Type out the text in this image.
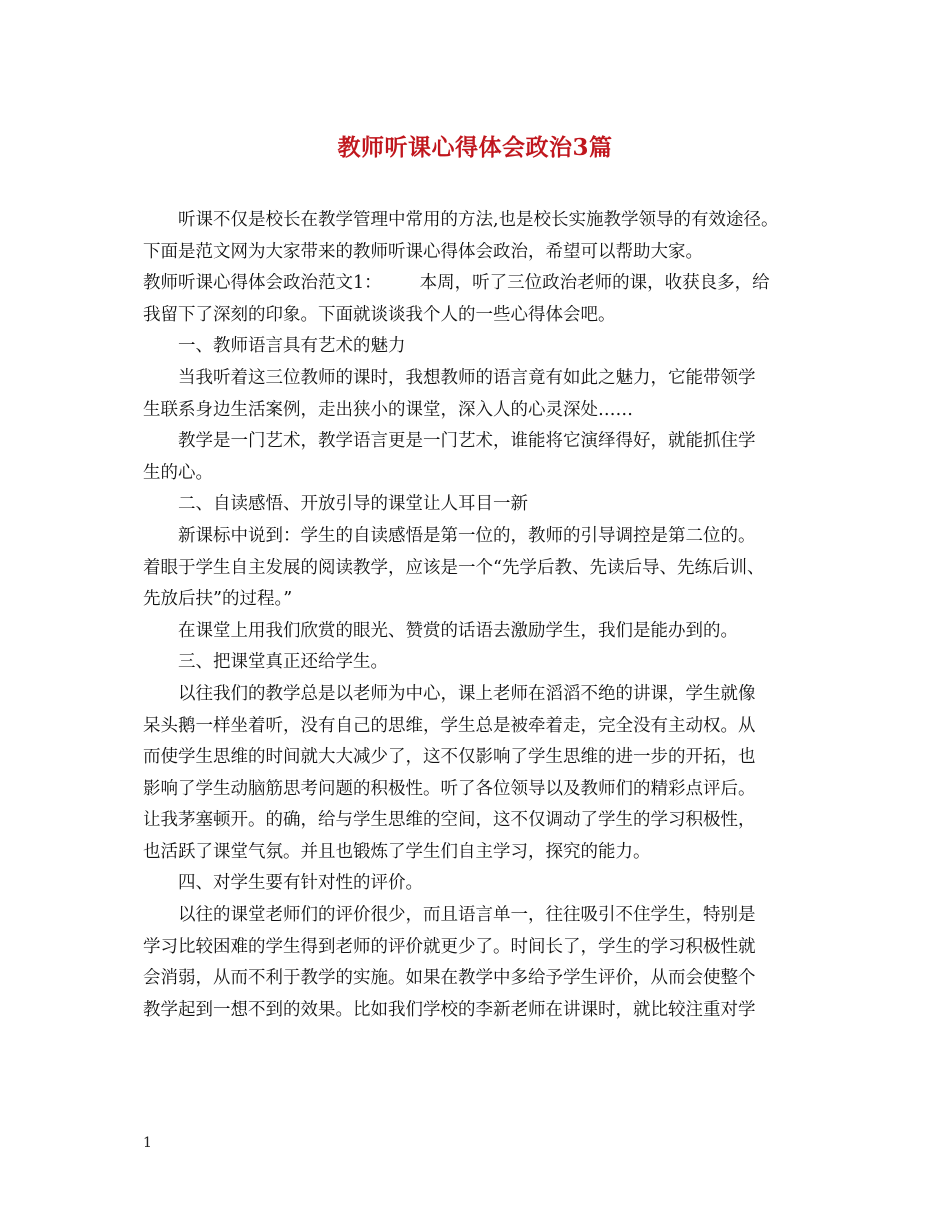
教师听课心得体会政治3篇
听课不仅是校长在教学管理中常用的方法,也是校长实施教学领导的有效途径。
下面是范文网为大家带来的教师听课心得体会政治，希望可以帮助大家。
教师听课心得体会政治范文1： 本周，听了三位政治老师的课，收获良多，给
我留下了深刻的印象。下面就谈谈我个人的一些心得体会吧。
一、教师语言具有艺术的魅力
当我听着这三位教师的课时，我想教师的语言竟有如此之魅力，它能带领学
生联系身边生活案例，走出狭小的课堂，深入人的心灵深处……
教学是一门艺术，教学语言更是一门艺术，谁能将它演绎得好，就能抓住学
生的心。
二、自读感悟、开放引导的课堂让人耳目一新
新课标中说到：学生的自读感悟是第一位的，教师的引导调控是第二位的。
着眼于学生自主发展的阅读教学，应该是一个“先学后教、先读后导、先练后训、
先放后扶”的过程。”
在课堂上用我们欣赏的眼光、赞赏的话语去激励学生，我们是能办到的。
三、把课堂真正还给学生。
以往我们的教学总是以老师为中心，课上老师在滔滔不绝的讲课，学生就像
呆头鹅一样坐着听，没有自己的思维，学生总是被牵着走，完全没有主动权。从
而使学生思维的时间就大大减少了，这不仅影响了学生思维的进一步的开拓，也
影响了学生动脑筋思考问题的积极性。听了各位领导以及教师们的精彩点评后。
让我茅塞顿开。的确，给与学生思维的空间，这不仅调动了学生的学习积极性，
也活跃了课堂气氛。并且也锻炼了学生们自主学习，探究的能力。
四、对学生要有针对性的评价。
以往的课堂老师们的评价很少，而且语言单一，往往吸引不住学生，特别是
学习比较困难的学生得到老师的评价就更少了。时间长了，学生的学习积极性就
会消弱，从而不利于教学的实施。如果在教学中多给予学生评价，从而会使整个
教学起到一想不到的效果。比如我们学校的李新老师在讲课时，就比较注重对学
1
